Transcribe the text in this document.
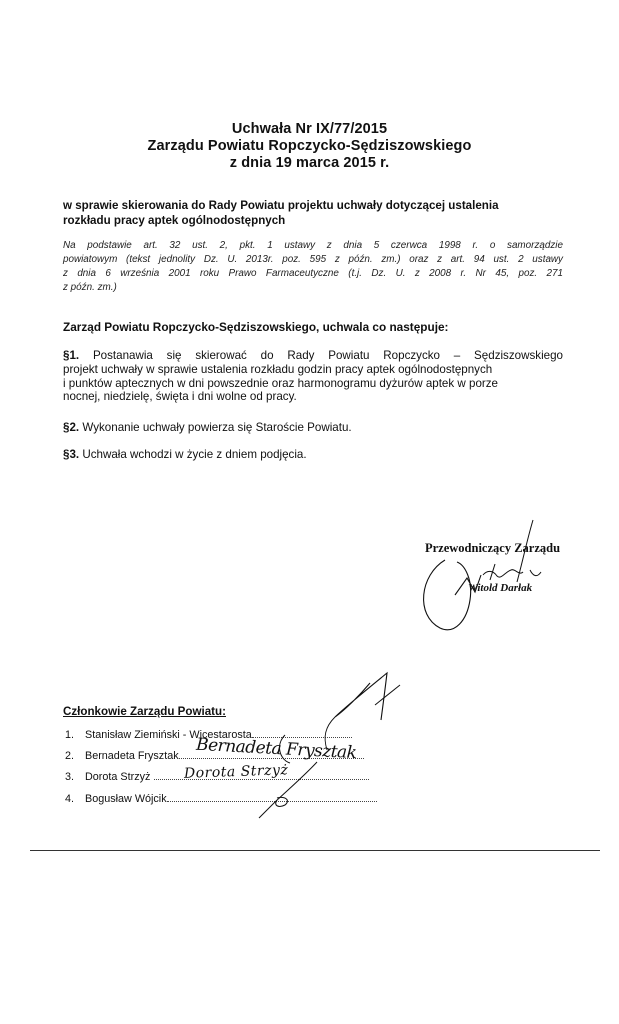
Uchwała Nr IX/77/2015
Zarządu Powiatu Ropczycko-Sędziszowskiego
z dnia 19 marca 2015 r.
w sprawie skierowania do Rady Powiatu projektu uchwały dotyczącej ustalenia
rozkładu pracy aptek ogólnodostępnych
Na podstawie art. 32 ust. 2, pkt. 1 ustawy z dnia 5 czerwca 1998 r. o samorządzie
powiatowym (tekst jednolity Dz. U. 2013r. poz. 595 z późn. zm.) oraz z art. 94 ust. 2 ustawy
z dnia 6 września 2001 roku Prawo Farmaceutyczne (t.j. Dz. U. z 2008 r. Nr 45, poz. 271
z późn. zm.)
Zarząd Powiatu Ropczycko-Sędziszowskiego, uchwala co następuje:
§1. Postanawia się skierować do Rady Powiatu Ropczycko – Sędziszowskiego
projekt uchwały w sprawie ustalenia rozkładu godzin pracy aptek ogólnodostępnych
i punktów aptecznych w dni powszednie oraz harmonogramu dyżurów aptek w porze
nocnej, niedzielę, święta i dni wolne od pracy.
§2. Wykonanie uchwały powierza się Staroście Powiatu.
§3. Uchwała wchodzi w życie z dniem podjęcia.
Przewodniczący Zarządu
Witold Darłak
Członkowie Zarządu Powiatu:
1. Stanisław Ziemiński - Wicestarosta
2. Bernadeta Frysztak
3. Dorota Strzyż
4. Bogusław Wójcik
Bernadeta Frysztak
Dorota Strzyż
